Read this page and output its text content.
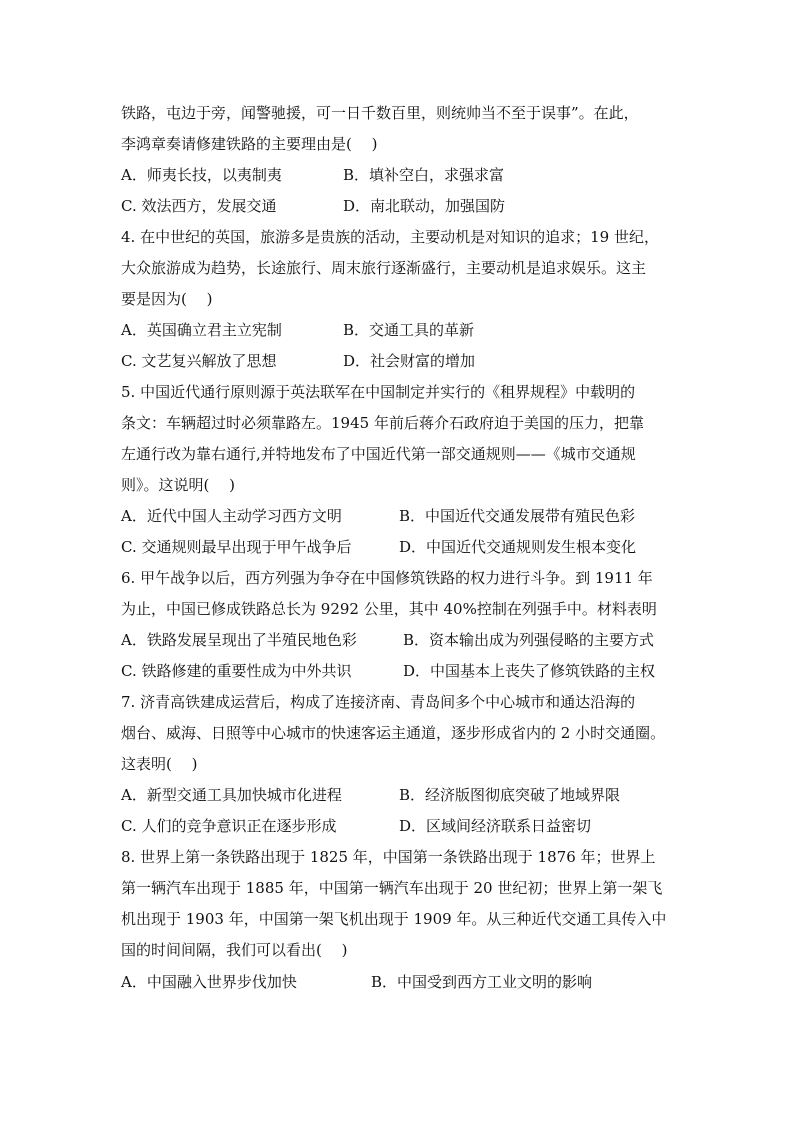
铁路，屯边于旁，闻警驰援，可一日千数百里，则统帅当不至于误事”。在此，
李鸿章奏请修建铁路的主要理由是(　 )
A．师夷长技，以夷制夷	B．填补空白，求强求富
C. 效法西方，发展交通	D．南北联动，加强国防
4. 在中世纪的英国，旅游多是贵族的活动，主要动机是对知识的追求；19 世纪，
大众旅游成为趋势，长途旅行、周末旅行逐渐盛行，主要动机是追求娱乐。这主
要是因为(　 )
A．英国确立君主立宪制	B．交通工具的革新
C. 文艺复兴解放了思想	D．社会财富的增加
5. 中国近代通行原则源于英法联军在中国制定并实行的《租界规程》中载明的
条文：车辆超过时必须靠路左。1945 年前后蒋介石政府迫于美国的压力，把靠
左通行改为靠右通行,并特地发布了中国近代第一部交通规则——《城市交通规
则》。这说明(　 )
A．近代中国人主动学习西方文明	B．中国近代交通发展带有殖民色彩
C. 交通规则最早出现于甲午战争后	D．中国近代交通规则发生根本变化
6. 甲午战争以后，西方列强为争夺在中国修筑铁路的权力进行斗争。到 1911 年
为止，中国已修成铁路总长为 9292 公里，其中 40%控制在列强手中。材料表明
A．铁路发展呈现出了半殖民地色彩	B．资本输出成为列强侵略的主要方式
C. 铁路修建的重要性成为中外共识	D．中国基本上丧失了修筑铁路的主权
7. 济青高铁建成运营后，构成了连接济南、青岛间多个中心城市和通达沿海的
烟台、威海、日照等中心城市的快速客运主通道，逐步形成省内的 2 小时交通圈。
这表明(　 )
A．新型交通工具加快城市化进程	B．经济版图彻底突破了地域界限
C. 人们的竞争意识正在逐步形成	D．区域间经济联系日益密切
8. 世界上第一条铁路出现于 1825 年，中国第一条铁路出现于 1876 年；世界上
第一辆汽车出现于 1885 年，中国第一辆汽车出现于 20 世纪初；世界上第一架飞
机出现于 1903 年，中国第一架飞机出现于 1909 年。从三种近代交通工具传入中
国的时间间隔，我们可以看出(　 )
A．中国融入世界步伐加快	B．中国受到西方工业文明的影响
